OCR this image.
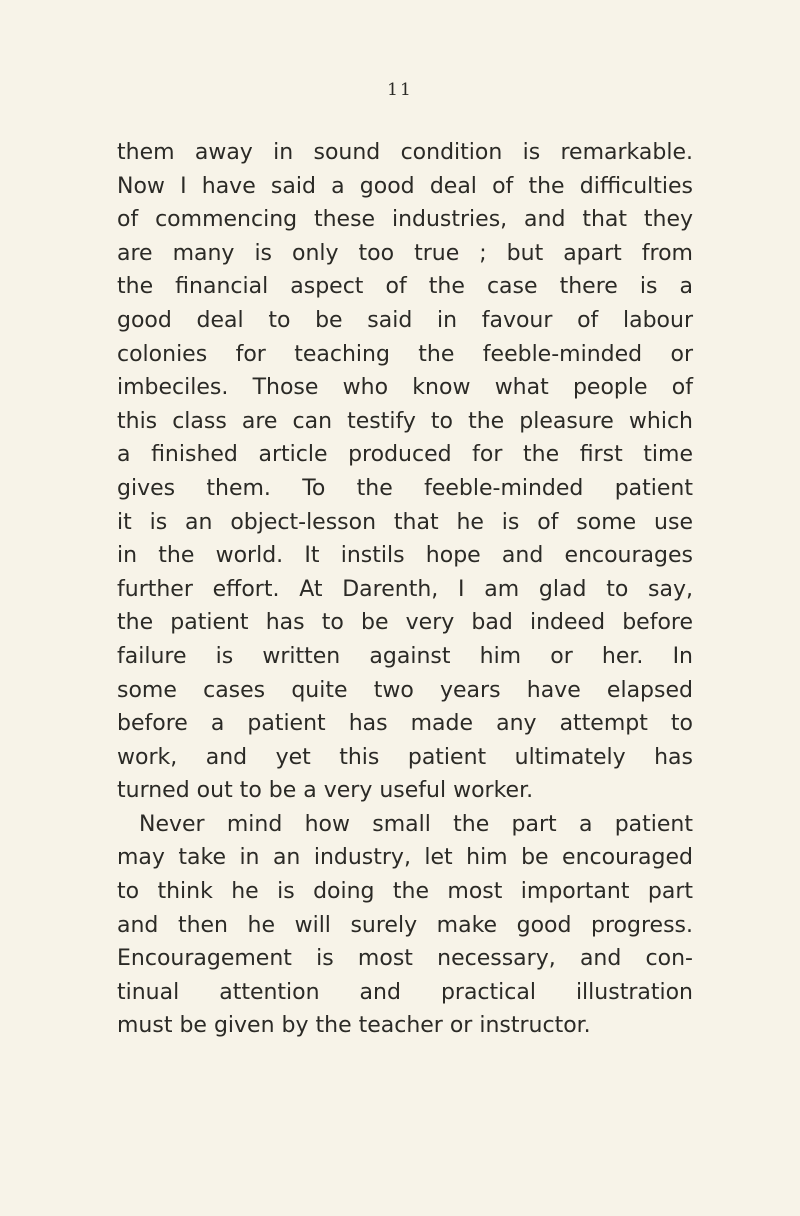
11
them away in sound condition is remarkable.
Now I have said a good deal of the difficulties
of commencing these industries, and that they
are many is only too true ; but apart from
the financial aspect of the case there is a
good deal to be said in favour of labour
colonies for teaching the feeble-minded or
imbeciles. Those who know what people of
this class are can testify to the pleasure which
a finished article produced for the first time
gives them. To the feeble-minded patient
it is an object-lesson that he is of some use
in the world. It instils hope and encourages
further effort. At Darenth, I am glad to say,
the patient has to be very bad indeed before
failure is written against him or her. In
some cases quite two years have elapsed
before a patient has made any attempt to
work, and yet this patient ultimately has
turned out to be a very useful worker.
Never mind how small the part a patient
may take in an industry, let him be encouraged
to think he is doing the most important part
and then he will surely make good progress.
Encouragement is most necessary, and con-
tinual attention and practical illustration
must be given by the teacher or instructor.
